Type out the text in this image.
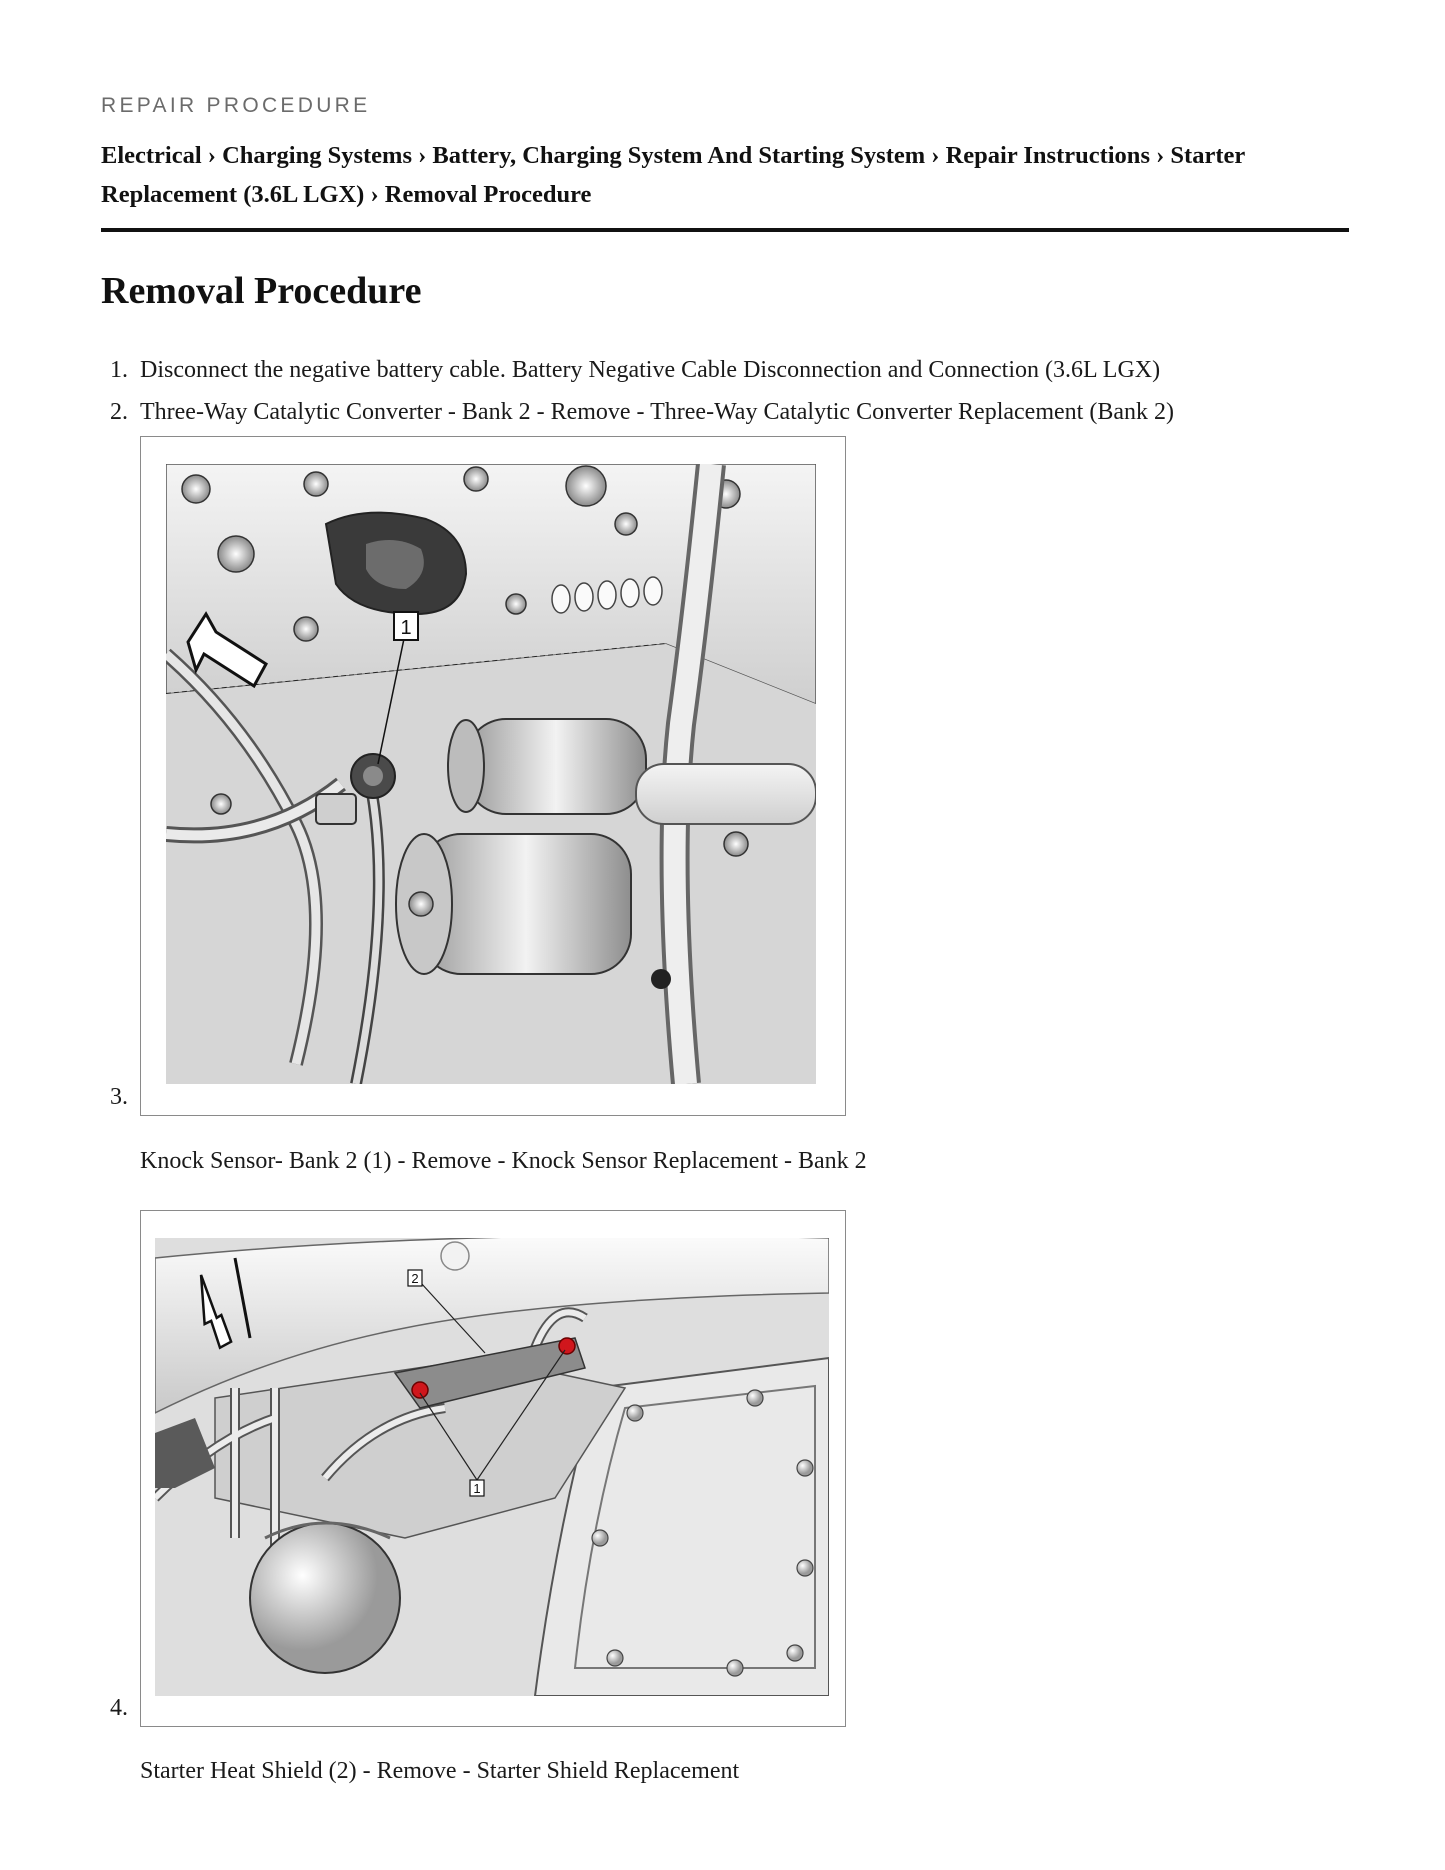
REPAIR PROCEDURE
Electrical › Charging Systems › Battery, Charging System And Starting System › Repair Instructions › Starter Replacement (3.6L LGX) › Removal Procedure
Removal Procedure
1. Disconnect the negative battery cable. Battery Negative Cable Disconnection and Connection (3.6L LGX)
2. Three-Way Catalytic Converter - Bank 2 - Remove - Three-Way Catalytic Converter Replacement (Bank 2)
1
3.
Knock Sensor- Bank 2 (1) - Remove - Knock Sensor Replacement - Bank 2
2
1
4.
Starter Heat Shield (2) - Remove - Starter Shield Replacement
